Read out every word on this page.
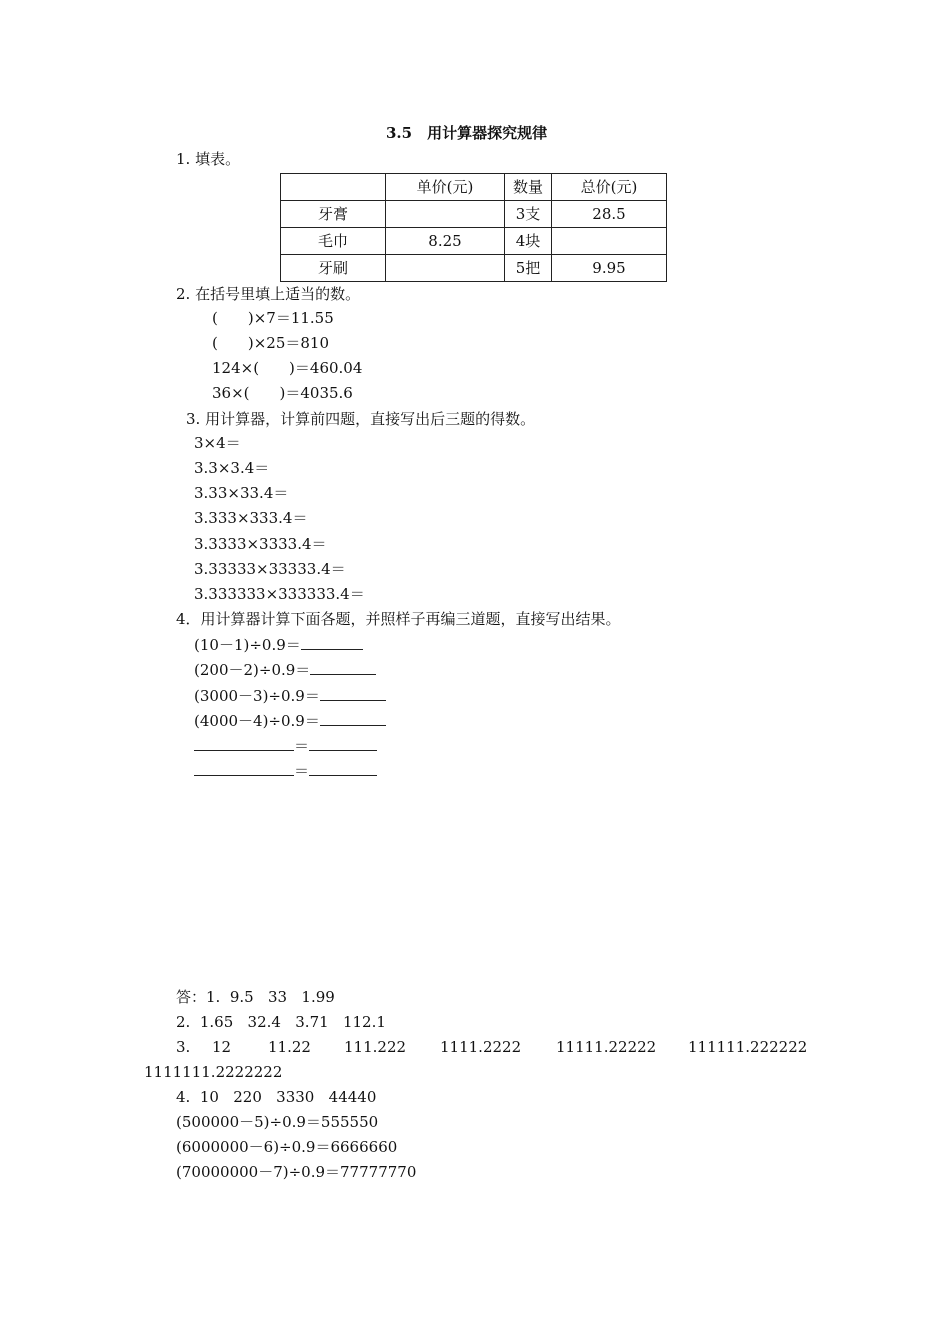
3.5　用计算器探究规律
1. 填表。
	单价(元)	数量	总价(元)
牙膏		3支	28.5
毛巾	8.25	4块	
牙刷		5把	9.95
2. 在括号里填上适当的数。
(　　)×7＝11.55
(　　)×25＝810
124×(　　)＝460.04
36×(　　)＝4035.6
3. 用计算器，计算前四题，直接写出后三题的得数。
3×4＝
3.3×3.4＝
3.33×33.4＝
3.333×333.4＝
3.3333×3333.4＝
3.33333×33333.4＝
3.333333×333333.4＝
4．用计算器计算下面各题，并照样子再编三道题，直接写出结果。
(10－1)÷0.9＝
(200－2)÷0.9＝
(3000－3)÷0.9＝
(4000－4)÷0.9＝
＝
＝
答：1.  9.5   33   1.99
2.  1.65   32.4   3.71   112.1
3. 12 11.22 111.222 1111.2222 11111.22222 111111.222222
1111111.2222222
4.  10   220   3330   44440
(500000－5)÷0.9＝555550
(6000000－6)÷0.9＝6666660
(70000000－7)÷0.9＝77777770
